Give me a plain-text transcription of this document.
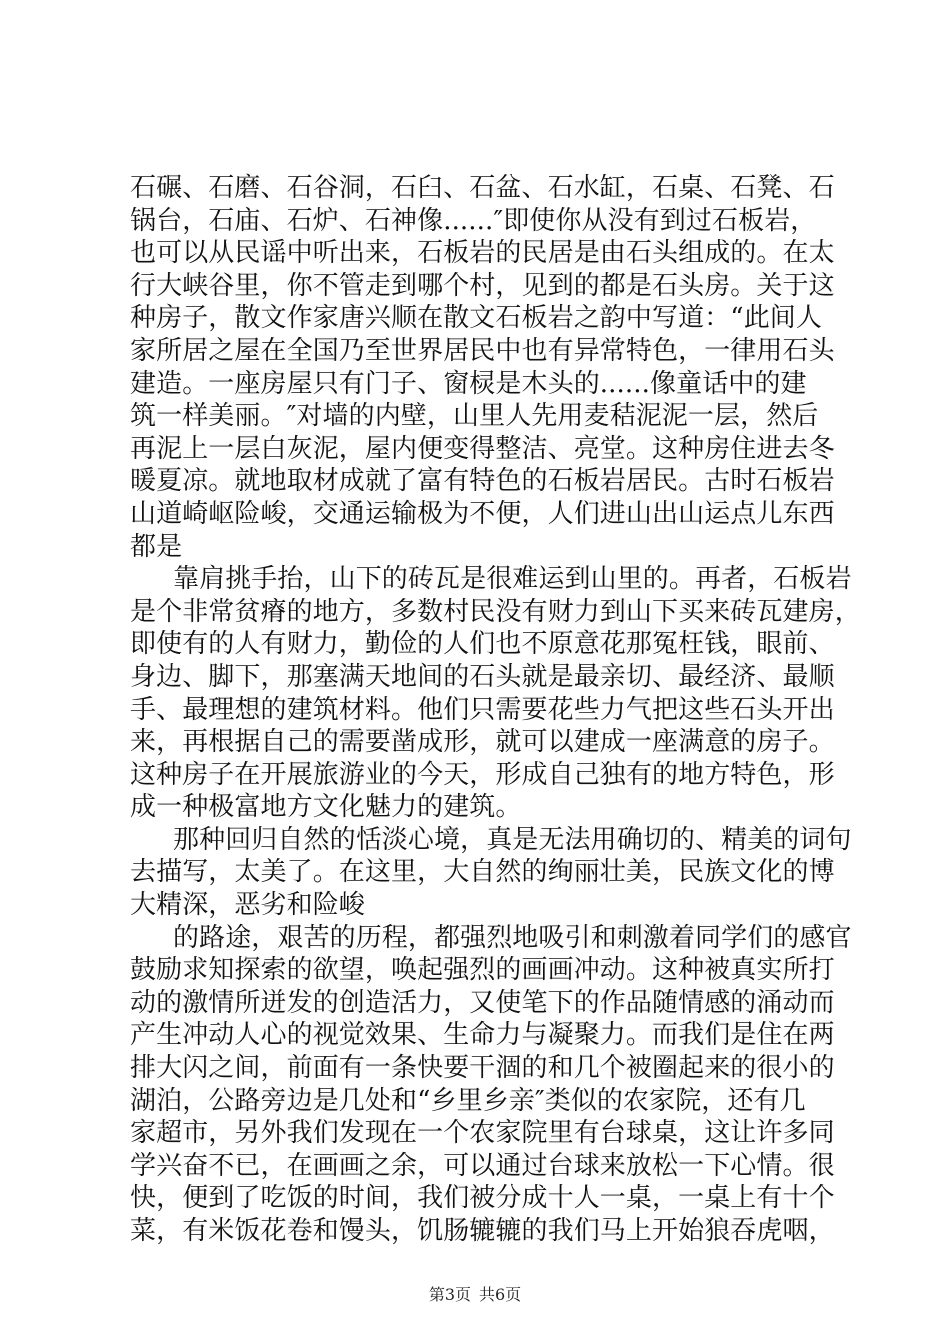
石碾、石磨、石谷洞，石臼、石盆、石水缸，石桌、石凳、石
锅台，石庙、石炉、石神像......″即使你从没有到过石板岩，
也可以从民谣中听出来，石板岩的民居是由石头组成的。在太
行大峡谷里，你不管走到哪个村，见到的都是石头房。关于这
种房子，散文作家唐兴顺在散文石板岩之韵中写道：“此间人
家所居之屋在全国乃至世界居民中也有异常特色，一律用石头
建造。一座房屋只有门子、窗棂是木头的......像童话中的建
筑一样美丽。″对墙的内壁，山里人先用麦秸泥泥一层，然后
再泥上一层白灰泥，屋内便变得整洁、亮堂。这种房住进去冬
暖夏凉。就地取材成就了富有特色的石板岩居民。古时石板岩
山道崎岖险峻，交通运输极为不便，人们进山出山运点儿东西
都是
靠肩挑手抬，山下的砖瓦是很难运到山里的。再者，石板岩
是个非常贫瘠的地方，多数村民没有财力到山下买来砖瓦建房，
即使有的人有财力，勤俭的人们也不原意花那冤枉钱，眼前、
身边、脚下，那塞满天地间的石头就是最亲切、最经济、最顺
手、最理想的建筑材料。他们只需要花些力气把这些石头开出
来，再根据自己的需要凿成形，就可以建成一座满意的房子。
这种房子在开展旅游业的今天，形成自己独有的地方特色，形
成一种极富地方文化魅力的建筑。
那种回归自然的恬淡心境，真是无法用确切的、精美的词句
去描写，太美了。在这里，大自然的绚丽壮美，民族文化的博
大精深，恶劣和险峻
的路途，艰苦的历程，都强烈地吸引和刺激着同学们的感官
鼓励求知探索的欲望，唤起强烈的画画冲动。这种被真实所打
动的激情所迸发的创造活力，又使笔下的作品随情感的涌动而
产生冲动人心的视觉效果、生命力与凝聚力。而我们是住在两
排大闪之间，前面有一条快要干涸的和几个被圈起来的很小的
湖泊，公路旁边是几处和“乡里乡亲″类似的农家院，还有几
家超市，另外我们发现在一个农家院里有台球桌，这让许多同
学兴奋不已，在画画之余，可以通过台球来放松一下心情。很
快，便到了吃饭的时间，我们被分成十人一桌，一桌上有十个
菜，有米饭花卷和馒头，饥肠辘辘的我们马上开始狼吞虎咽，
第3页 共6页
